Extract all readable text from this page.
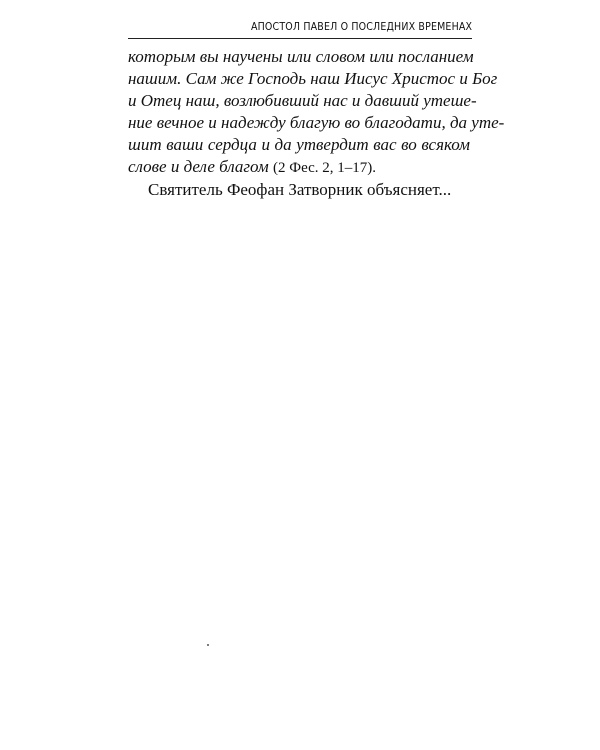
АПОСТОЛ ПАВЕЛ О ПОСЛЕДНИХ ВРЕМЕНАХ
которым вы научены или словом или посланием
нашим. Сам же Господь наш Иисус Христос и Бог
и Отец наш, возлюбивший нас и давший утеше-
ние вечное и надежду благую во благодати, да уте-
шит ваши сердца и да утвердит вас во всяком
слове и деле благом (2 Фес. 2, 1–17).
Святитель Феофан Затворник объясняет...
